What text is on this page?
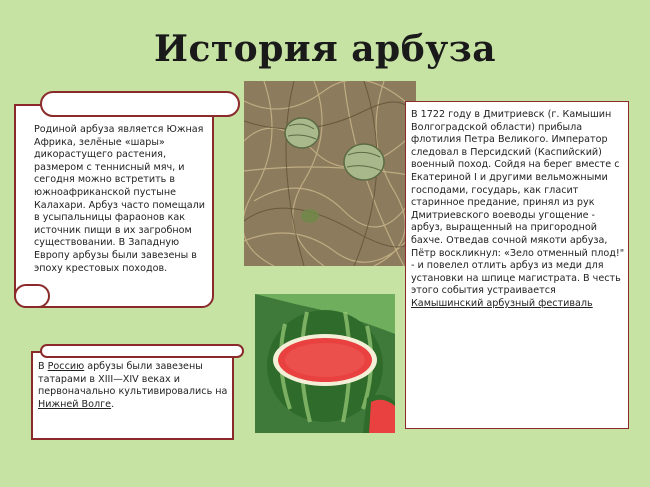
История арбуза
Родиной арбуза является Южная Африка, зелёные «шары» дикорастущего растения, размером с теннисный мяч, и сегодня можно встретить в южноафриканской пустыне Калахари. Арбуз часто помещали в усыпальницы фараонов как источник пищи в их загробном существовании. В Западную Европу арбузы были завезены в эпоху крестовых походов.
В Россию арбузы были завезены татарами в XIII—XIV веках и первоначально культивировались на Нижней Волге.
В 1722 году в Дмитриевск (г. Камышин Волгоградской области) прибыла флотилия Петра Великого. Император следовал в Персидский (Каспийский) военный поход. Сойдя на берег вместе с Екатериной I и другими вельможными господами, государь, как гласит старинное предание, принял из рук Дмитриевского воеводы угощение - арбуз, выращенный на пригородной бахче. Отведав сочной мякоти арбуза, Пётр воскликнул: «Зело отменный плод!" - и повелел отлить арбуз из меди для установки на шпице магистрата. В честь этого события устраивается Камышинский арбузный фестиваль
